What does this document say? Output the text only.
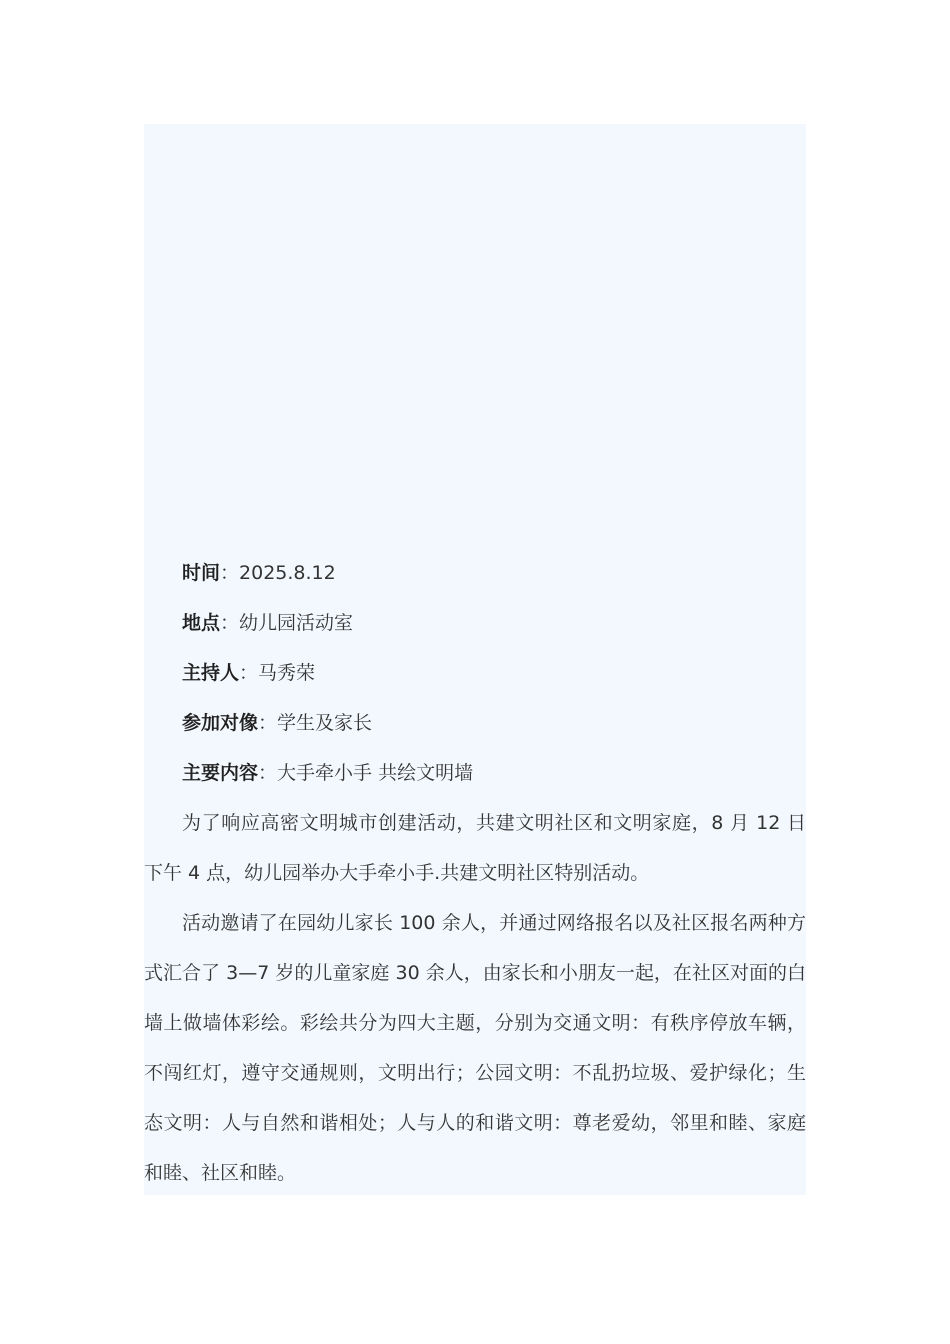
时间：2025.8.12
地点：幼儿园活动室
主持人：马秀荣
参加对像：学生及家长
主要内容：大手牵小手 共绘文明墙

为了响应高密文明城市创建活动，共建文明社区和文明家庭，8 月 12 日下午 4 点，幼儿园举办大手牵小手.共建文明社区特别活动。

活动邀请了在园幼儿家长 100 余人，并通过网络报名以及社区报名两种方式汇合了 3—7 岁的儿童家庭 30 余人，由家长和小朋友一起，在社区对面的白墙上做墙体彩绘。彩绘共分为四大主题，分别为交通文明：有秩序停放车辆，不闯红灯，遵守交通规则，文明出行；公园文明：不乱扔垃圾、爱护绿化；生态文明：人与自然和谐相处；人与人的和谐文明：尊老爱幼，邻里和睦、家庭和睦、社区和睦。
